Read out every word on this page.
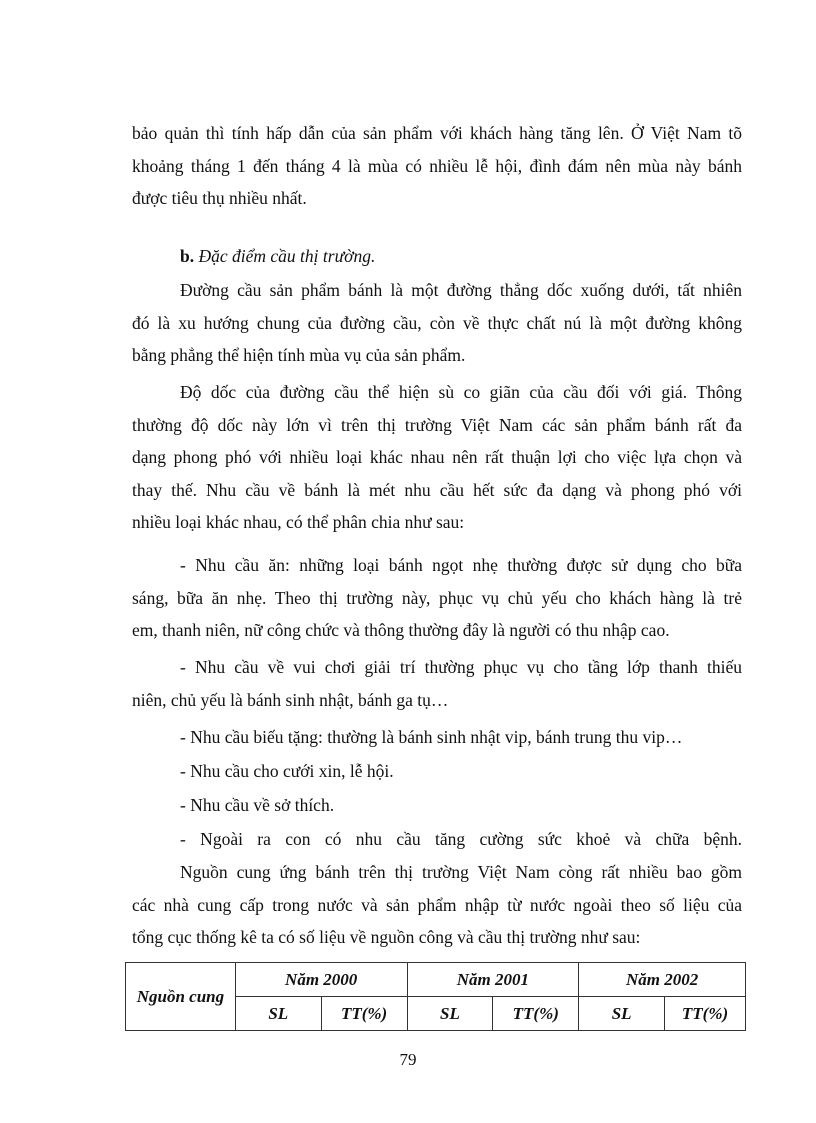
bảo quản thì tính hấp dẫn của sản phẩm với khách hàng tăng lên. Ở Việt Nam tõ
khoảng tháng 1 đến tháng 4 là mùa có nhiều lễ hội, đình đám nên mùa này bánh
được tiêu thụ nhiều nhất.
b. Đặc điểm cầu thị trường.
Đường cầu sản phẩm bánh là một đường thẳng dốc xuống dưới, tất nhiên
đó là xu hướng chung của đường cầu, còn về thực chất nú là một đường không
bằng phẳng thể hiện tính mùa vụ của sản phẩm.
Độ dốc của đường cầu thể hiện sù co giãn của cầu đối với giá. Thông
thường độ dốc này lớn vì trên thị trường Việt Nam các sản phẩm bánh rất đa
dạng phong phó với nhiều loại khác nhau nên rất thuận lợi cho việc lựa chọn và
thay thế. Nhu cầu về bánh là mét nhu cầu hết sức đa dạng và phong phó với
nhiều loại khác nhau, có thể phân chia như sau:
- Nhu cầu ăn: những loại bánh ngọt nhẹ thường được sử dụng cho bữa
sáng, bữa ăn nhẹ. Theo thị trường này, phục vụ chủ yếu cho khách hàng là trẻ
em, thanh niên, nữ công chức và thông thường đây là người có thu nhập cao.
- Nhu cầu về vui chơi giải trí thường phục vụ cho tầng lớp thanh thiếu
niên, chủ yếu là bánh sinh nhật, bánh ga tụ…
- Nhu cầu biếu tặng: thường là bánh sinh nhật vip, bánh trung thu vip…
- Nhu cầu cho cưới xin, lễ hội.
- Nhu cầu về sở thích.
- Ngoài ra con có nhu cầu tăng cường sức khoẻ và chữa bệnh.
Nguồn cung ứng bánh trên thị trường Việt Nam còng rất nhiều bao gồm
các nhà cung cấp trong nước và sản phẩm nhập từ nước ngoài theo số liệu của
tổng cục thống kê ta có số liệu về nguồn công và cầu thị trường như sau:
Nguồn cung	Năm 2000		Năm 2001		Năm 2002	
	SL	TT(%)	SL	TT(%)	SL	TT(%)
79
